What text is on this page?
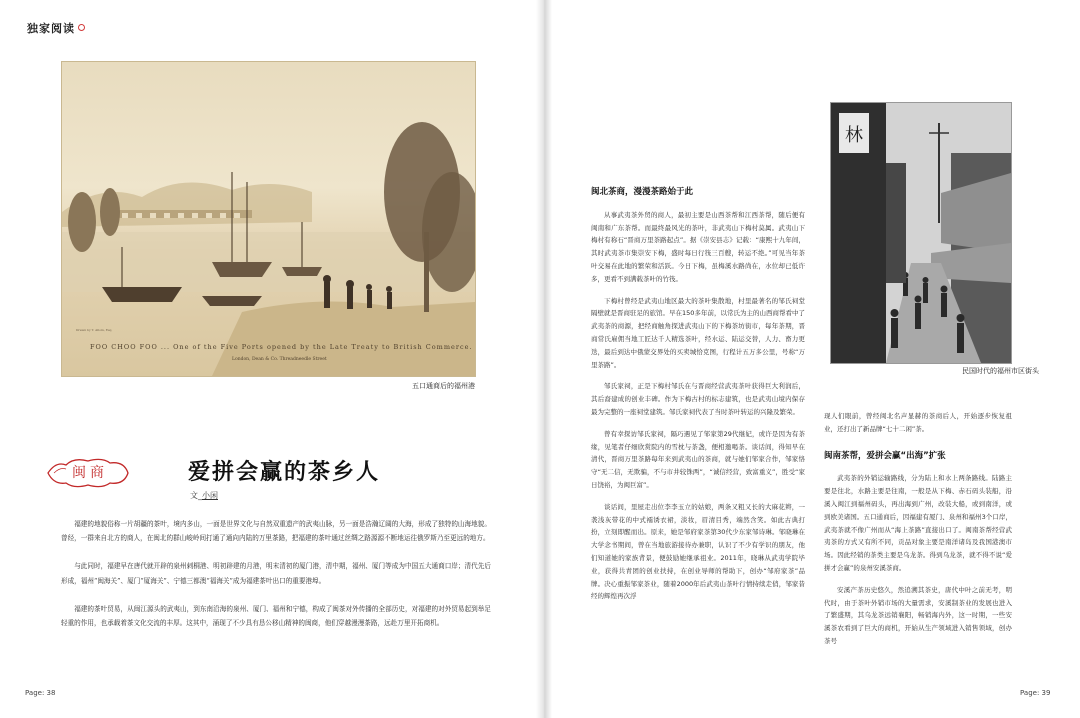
独家阅读
Drawn by T. Allom, Esq.
FOO CHOO FOO ... One of the Five Ports opened by the Late Treaty to British Commerce.
London, Dean & Co. Threadneedle Street
五口通商后的福州港
闽商	爱拼会赢的茶乡人
文_小闲

福建的地貌俗称一片胡疆的茶叶，境内多山，一面是世界文化与自然双重遗产的武夷山脉，另一面是浩瀚辽阔的大海，形成了独特的山海地貌。曾经，一群来自北方的商人，在闽北的群山峻岭间打通了通向内陆的万里茶路，把福建的茶叶通过丝绸之路源源不断地运往俄罗斯乃至更远的地方。

与此同时，福建早在唐代就开辟的泉州刺桐港、明初辟建的月港，明末清初的厦门港，清中期，福州、厦门等成为中国五大通商口岸；清代先后形成，福州“闽海关”、厦门“厦海关”、宁德三都澳“福海关”成为福建茶叶出口的重要港埠。

福建的茶叶贸易，从闽江源头的武夷山，到东南沿海的泉州、厦门、福州和宁德，构成了闽茶对外传播的全部历史，对福建的对外贸易起到举足轻重的作用，也承载着茶文化交流的丰厚。这其中，涌现了不少具有恳公移山精神的闽商，他们穿越漫漫茶路，远赴万里开拓商机。

Page: 38
闽北茶商，漫漫茶路始于此

从事武夷茶外贸的商人，最初主要是山西茶帮和江西茶帮，随后便有闽南和广东茶帮。而最终最风光的茶叶，非武夷山下梅村莫属。武夷山下梅村有称石“晋商万里茶路起点”。据《崇安县志》记载：“康熙十九年间，其时武夷茶市集崇安下梅，盛时每日行筏三百艘，转运不绝。”可见当年茶叶交易在此地的繁荣和活跃。今日下梅，虽梅溪水路尚在，水位却已低许多，更看不到满载茶叶的竹筏。

下梅村曾经是武夷山地区最大的茶叶集散地，村里最著名的邹氏祠堂隔壁就是晋商驻足的旅馆。早在150多年前，以常氏为主的山西商帮看中了武夷茶的商源，把经商触角探进武夷山下的下梅茶坊街市，每年茶期，晋商常氏雇佣当地工匠达千人精选茶叶，经水运、陆运交替，人力、畜力更迭，最后到达中俄蒙交界处的买卖城恰克图，行程计五万多公里，号称“万里茶路”。

邹氏家祠，正是下梅村邹氏在与晋商经营武夷茶叶获得巨大利润后，其后裔建成的创业丰碑。作为下梅古村的标志建筑，也是武夷山境内保存最为完整的一座祠堂建筑。邹氏家祠代表了当时茶叶转运的兴隆及繁荣。

曾有幸探访邹氏家祠，隔巧遇见了邹家第29代继妃，或许是因为有茶缘，见笔者仔细欣赏院内的雪枕与茶盏，便相邀喝茶。谈话间，得知早在清代，晋商万里茶路每年来到武夷山的茶商，就与她们邹家合作，邹家恪守“无二信，无欺骗，不与市井较铢两”，“诚信经营，致富重义”，胜受“家日饶裕，为闽巨富”。

谈话间，里屋走出位李李玉立的姑娘，两条又粗又长的大麻花辫，一袭浅灰带花的中式襦诱衣裙，淡妆，眉清目秀，端然含笑。如此古典打扮，立刻即醒而出。原来，她是邹府家茶第30代少东家邹诗琳。邹晓琳在大学念书期间，曾在当地旅游接待办兼职，认识了不少有学识的朋友，他们知道她的家族背景，便鼓励她继承祖业。2011年，晓琳从武夷学院毕业，获得共青团的创业扶持，在创业导师的帮助下，创办“邹府家茶”品牌。决心重振邹家茶业，随着2000年后武夷山茶叶行情持续走俏，邹家昔经的辉煌再次浮

林
民国时代的福州市区街头

现人们眼前，曾经闽北名声显赫的茶商后人，开始逐步恢复祖业，还打出了新品牌“七十二闲”茶。

闽南茶帮，爱拼会赢“出海”扩张

武夷茶的外销运输路线，分为陆上和水上两条路线。陆路主要是往北，水路主要是往南，一般是从下梅、赤石码头装船，沿溪入闽江到福州码头，再出海到广州，改装大船，或到南洋，或到欧美诸国。五口通商后，因福建有厦门、泉州和福州3个口岸，武夷茶就不像广州而从“海上茶路”直接出口了。闽南茶帮经营武夷茶的方式又有所不同，贡品对象主要是南洋诸岛及我国港澳市场。因此经销的茶类主要是乌龙茶。得到乌龙茶，就不得不说“爱拼才会赢”的泉州安溪茶商。

安溪产茶历史悠久，然追溯其茶史，唐代中叶之前无考，明代时，由于茶叶外销市场的大量需求，安溪制茶业的发展也进入了繁盛期，其乌龙茶远销襄阳，畅销海内外，这一时期，一些安溪茶农看到了巨大的商机，开始从生产领域进入销售领域，创办茶号

Page: 39
